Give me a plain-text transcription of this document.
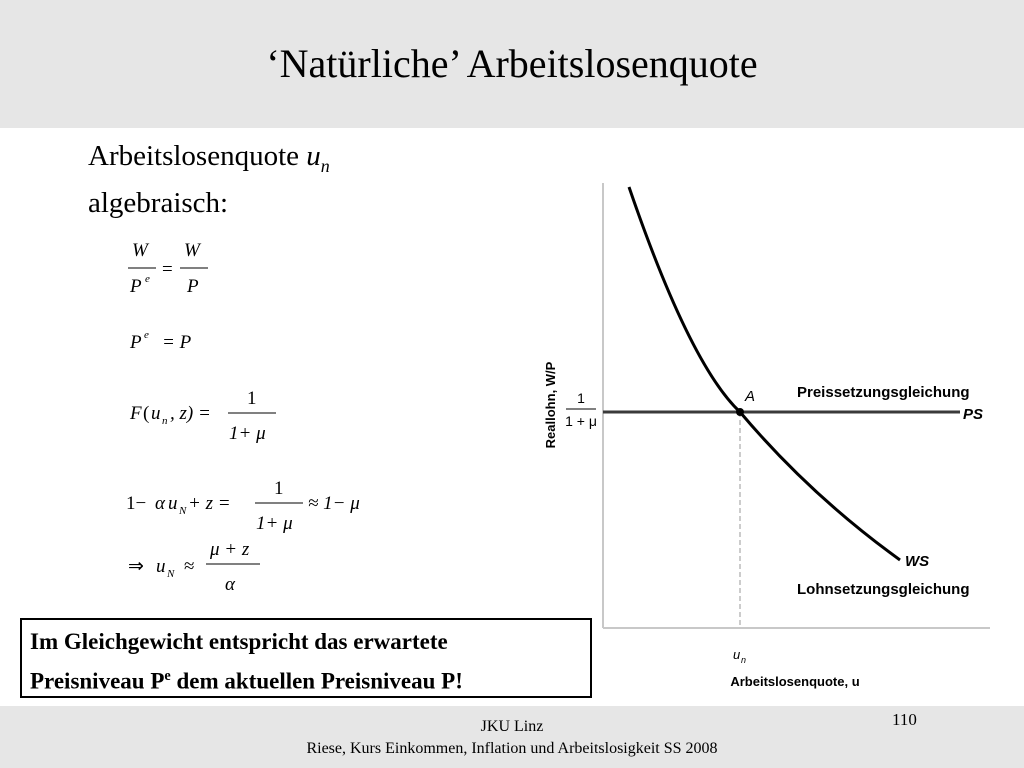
‘Natürliche’ Arbeitslosenquote
Arbeitslosenquote $u_n$
algebraisch:
W
P e =
W
P
P e = P
F ( u n , z) =
1
1+ μ
1− α u N + z =
1
1+ μ
≈ 1− μ
⇒ u N ≈
μ + z
α
Im Gleichgewicht entspricht das erwartete
Preisniveau $P^e$ dem aktuellen Preisniveau P!
Reallohn, W/P 1
1 + μ
A	Preissetzungsgleichung
PS
WS
Lohnsetzungsgleichung
u n
Arbeitslosenquote, u
JKU Linz
Riese, Kurs Einkommen, Inflation und Arbeitslosigkeit SS 2008
110
